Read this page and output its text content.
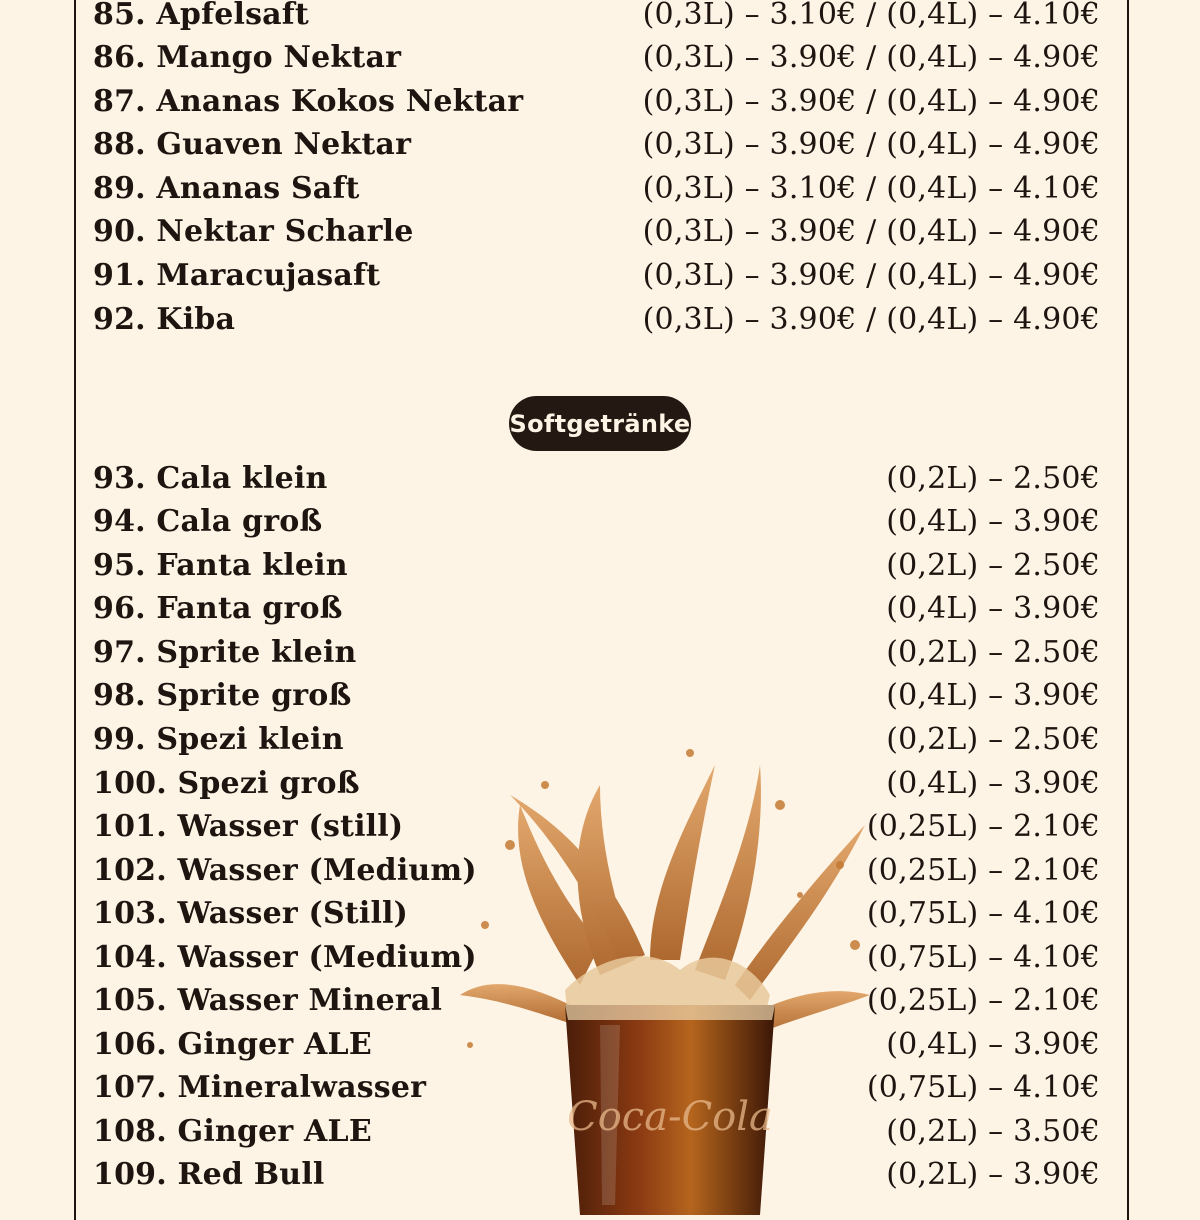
85. Apfelsaft	(0,3L) – 3.10€ / (0,4L) – 4.10€
86. Mango Nektar	(0,3L) – 3.90€ / (0,4L) – 4.90€
87. Ananas Kokos Nektar	(0,3L) – 3.90€ / (0,4L) – 4.90€
88. Guaven Nektar	(0,3L) – 3.90€ / (0,4L) – 4.90€
89. Ananas Saft	(0,3L) – 3.10€ / (0,4L) – 4.10€
90. Nektar Scharle	(0,3L) – 3.90€ / (0,4L) – 4.90€
91. Maracujasaft	(0,3L) – 3.90€ / (0,4L) – 4.90€
92. Kiba	(0,3L) – 3.90€ / (0,4L) – 4.90€
Softgetränke
Coca-Cola
93. Cala klein	(0,2L) – 2.50€
94. Cala groß	(0,4L) – 3.90€
95. Fanta klein	(0,2L) – 2.50€
96. Fanta groß	(0,4L) – 3.90€
97. Sprite klein	(0,2L) – 2.50€
98. Sprite groß	(0,4L) – 3.90€
99. Spezi klein	(0,2L) – 2.50€
100. Spezi groß	(0,4L) – 3.90€
101. Wasser (still)	(0,25L) – 2.10€
102. Wasser (Medium)	(0,25L) – 2.10€
103. Wasser (Still)	(0,75L) – 4.10€
104. Wasser (Medium)	(0,75L) – 4.10€
105. Wasser Mineral	(0,25L) – 2.10€
106. Ginger ALE	(0,4L) – 3.90€
107. Mineralwasser	(0,75L) – 4.10€
108. Ginger ALE	(0,2L) – 3.50€
109. Red Bull	(0,2L) – 3.90€
